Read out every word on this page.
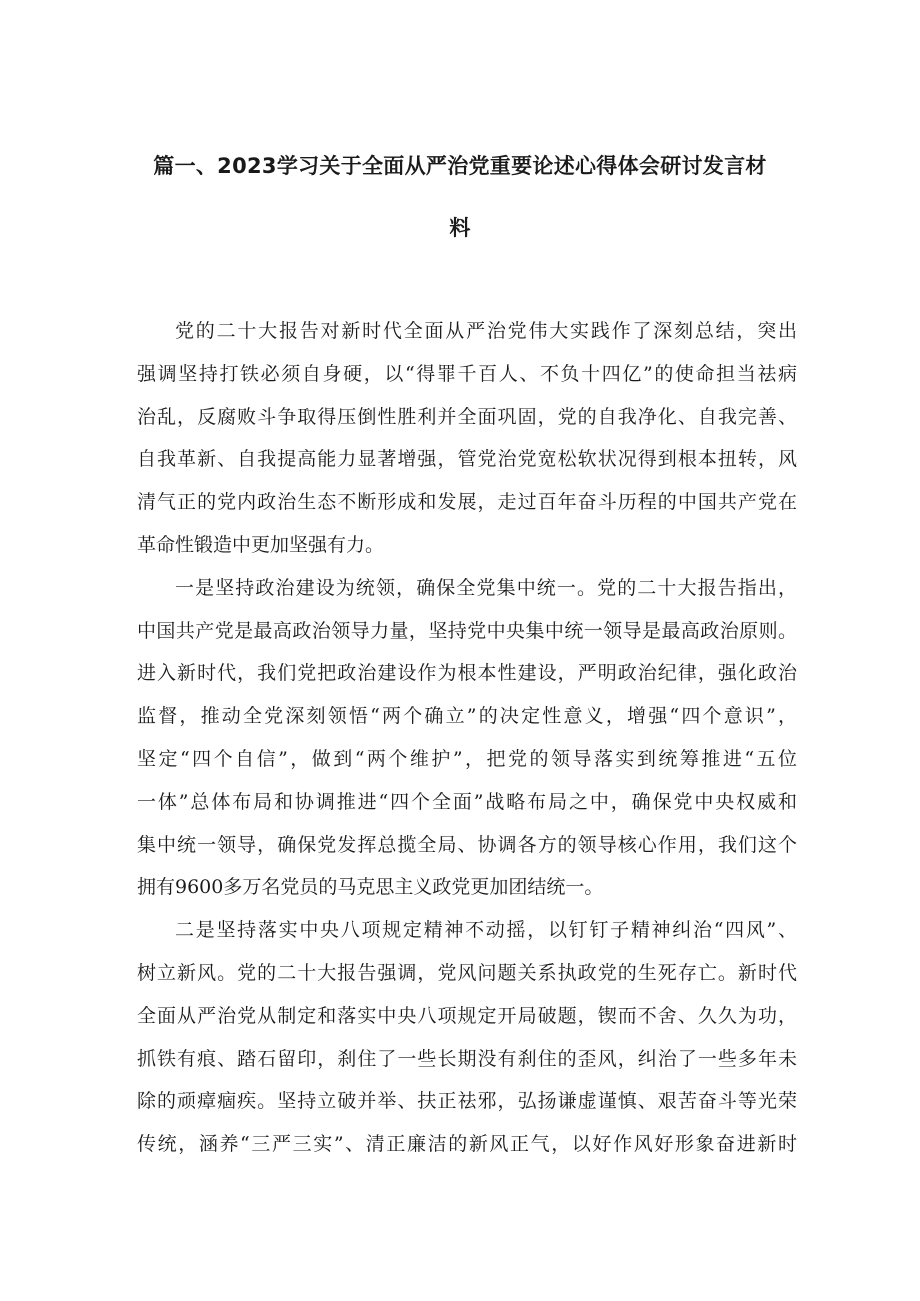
篇一、2023学习关于全面从严治党重要论述心得体会研讨发言材
料
党的二十大报告对新时代全面从严治党伟大实践作了深刻总结，突出
强调坚持打铁必须自身硬，以“得罪千百人、不负十四亿”的使命担当祛病
治乱，反腐败斗争取得压倒性胜利并全面巩固，党的自我净化、自我完善、
自我革新、自我提高能力显著增强，管党治党宽松软状况得到根本扭转，风
清气正的党内政治生态不断形成和发展，走过百年奋斗历程的中国共产党在
革命性锻造中更加坚强有力。
一是坚持政治建设为统领，确保全党集中统一。党的二十大报告指出，
中国共产党是最高政治领导力量，坚持党中央集中统一领导是最高政治原则。
进入新时代，我们党把政治建设作为根本性建设，严明政治纪律，强化政治
监督，推动全党深刻领悟“两个确立”的决定性意义，增强“四个意识”，
坚定“四个自信”，做到“两个维护”，把党的领导落实到统筹推进“五位
一体”总体布局和协调推进“四个全面”战略布局之中，确保党中央权威和
集中统一领导，确保党发挥总揽全局、协调各方的领导核心作用，我们这个
拥有9600多万名党员的马克思主义政党更加团结统一。
二是坚持落实中央八项规定精神不动摇，以钉钉子精神纠治“四风”、
树立新风。党的二十大报告强调，党风问题关系执政党的生死存亡。新时代
全面从严治党从制定和落实中央八项规定开局破题，锲而不舍、久久为功，
抓铁有痕、踏石留印，刹住了一些长期没有刹住的歪风，纠治了一些多年未
除的顽瘴痼疾。坚持立破并举、扶正祛邪，弘扬谦虚谨慎、艰苦奋斗等光荣
传统，涵养“三严三实”、清正廉洁的新风正气，以好作风好形象奋进新时
